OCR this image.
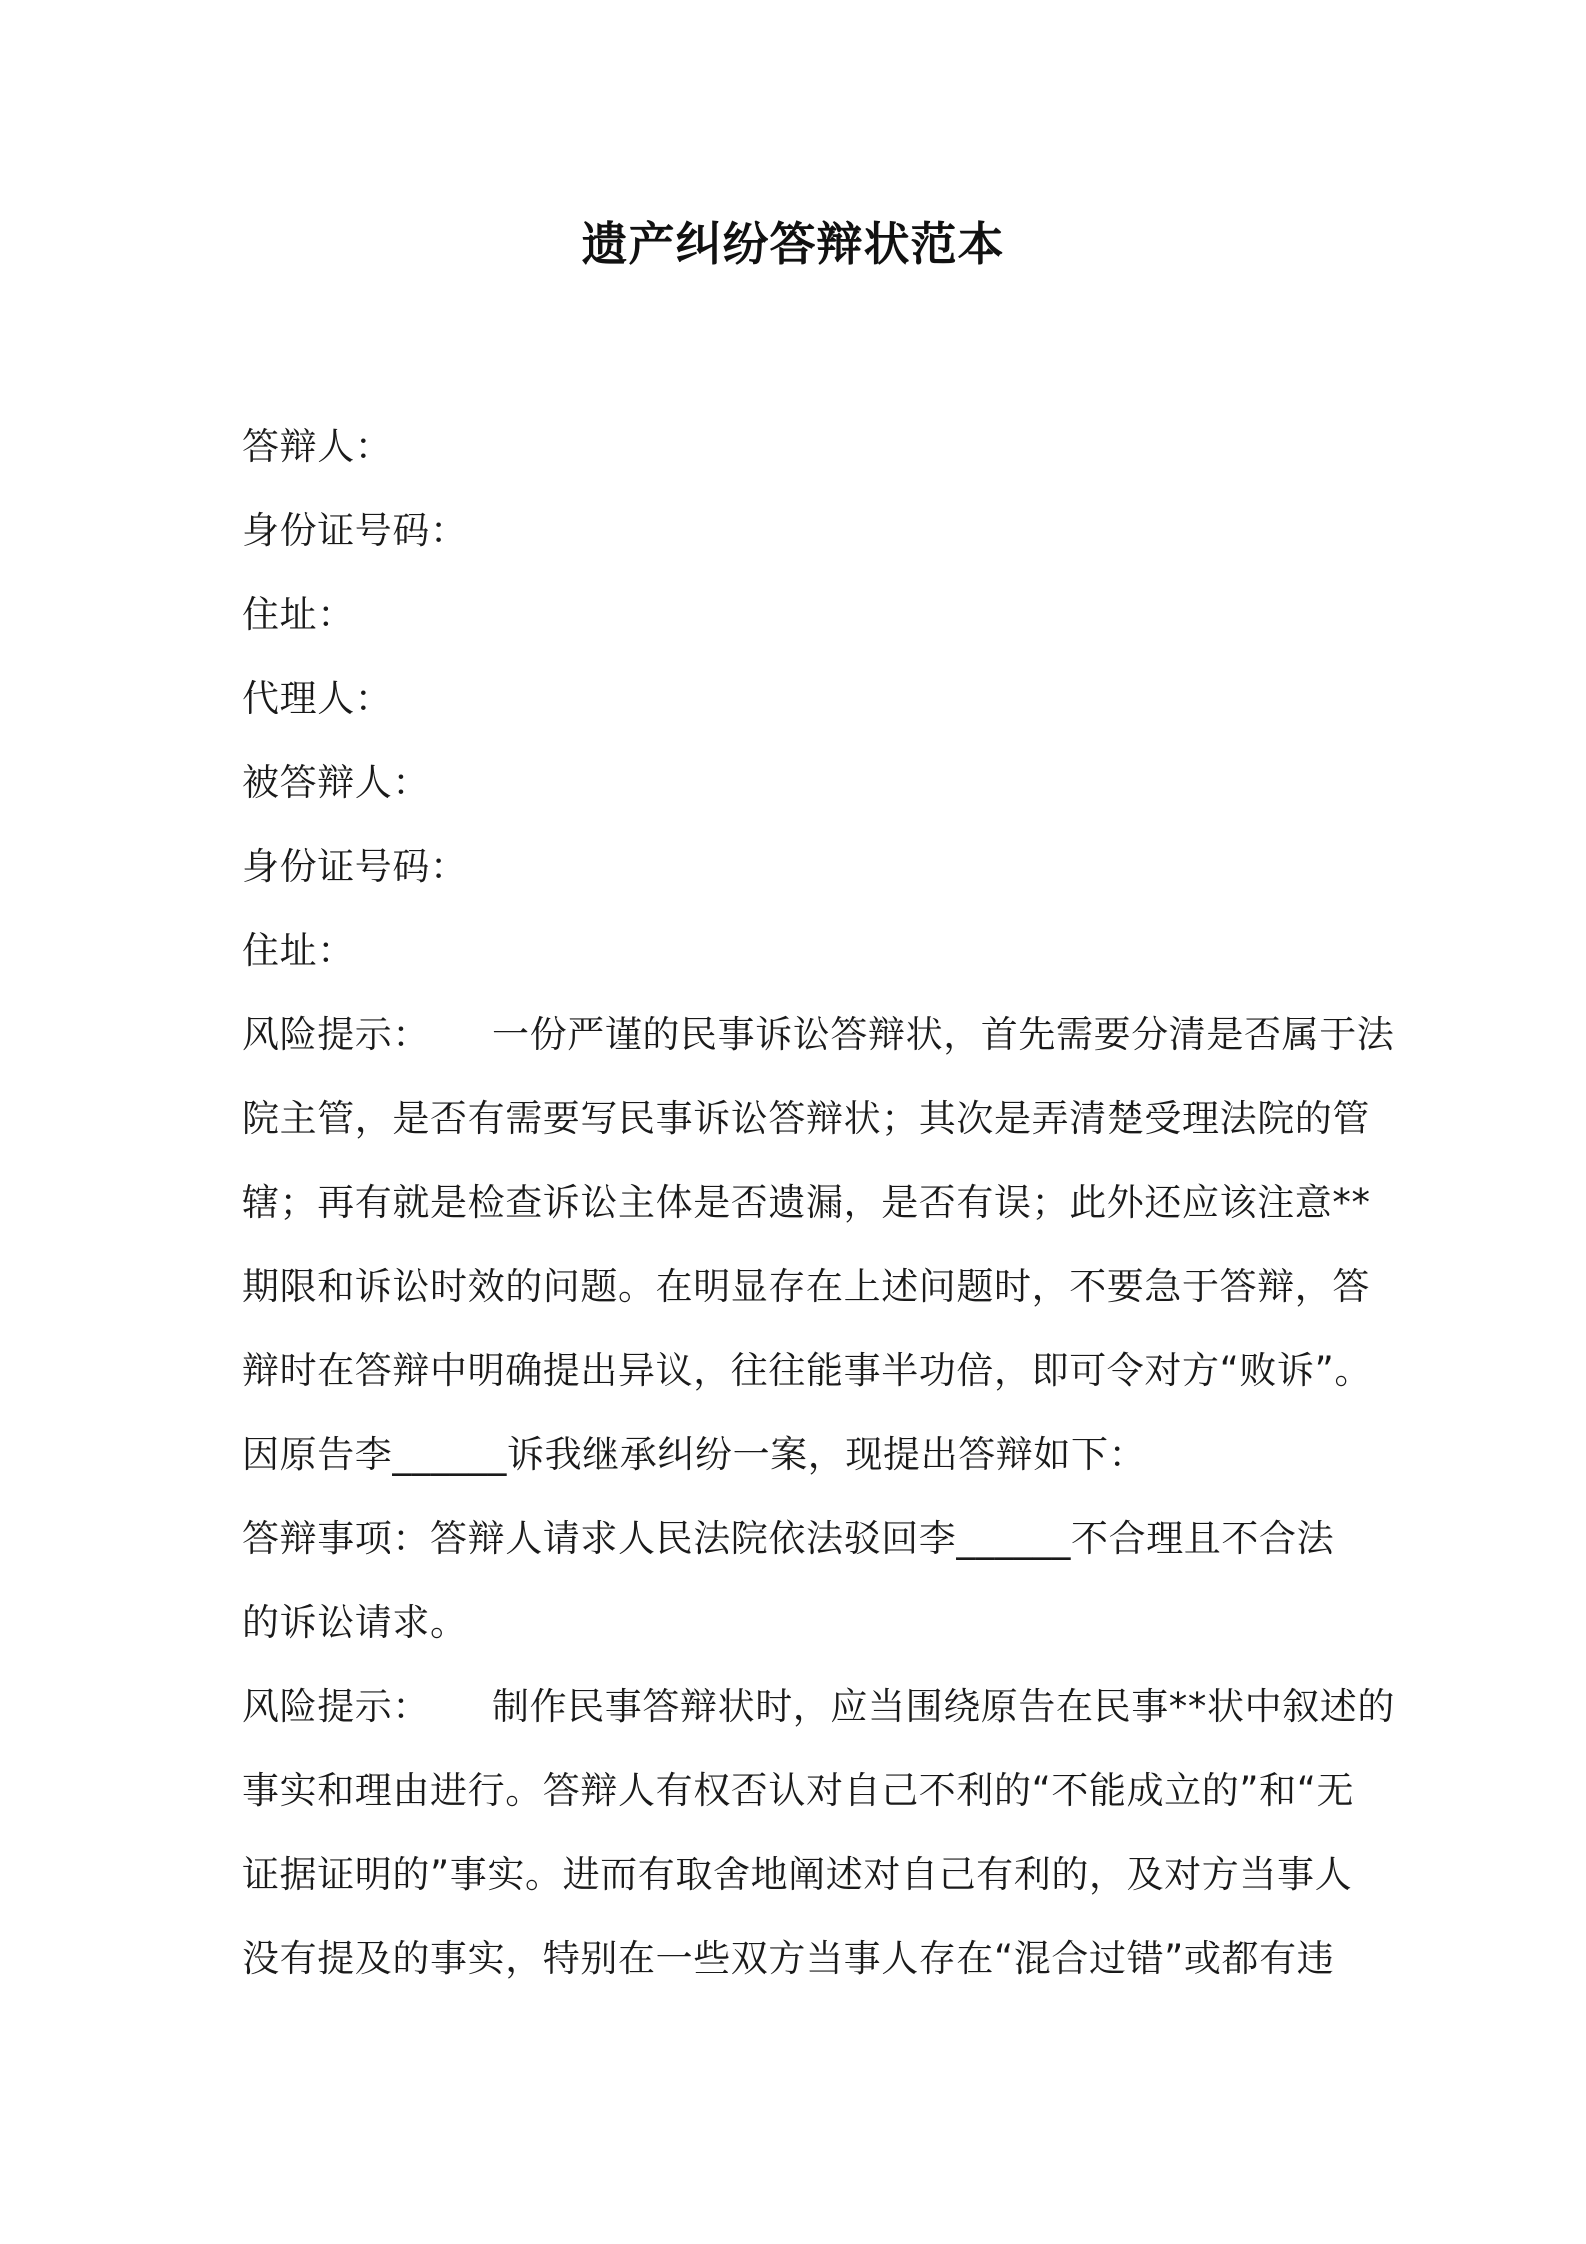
遗产纠纷答辩状范本
答辩人：
身份证号码：
住址：
代理人：
被答辩人：
身份证号码：
住址：
风险提示： 一份严谨的民事诉讼答辩状，首先需要分清是否属于法
院主管，是否有需要写民事诉讼答辩状；其次是弄清楚受理法院的管
辖；再有就是检查诉讼主体是否遗漏，是否有误；此外还应该注意**
期限和诉讼时效的问题。在明显存在上述问题时，不要急于答辩，答
辩时在答辩中明确提出异议，往往能事半功倍，即可令对方“败诉”。
因原告李______诉我继承纠纷一案，现提出答辩如下：
答辩事项：答辩人请求人民法院依法驳回李______不合理且不合法
的诉讼请求。
风险提示： 制作民事答辩状时，应当围绕原告在民事**状中叙述的
事实和理由进行。答辩人有权否认对自己不利的“不能成立的”和“无
证据证明的”事实。进而有取舍地阐述对自己有利的，及对方当事人
没有提及的事实，特别在一些双方当事人存在“混合过错”或都有违
